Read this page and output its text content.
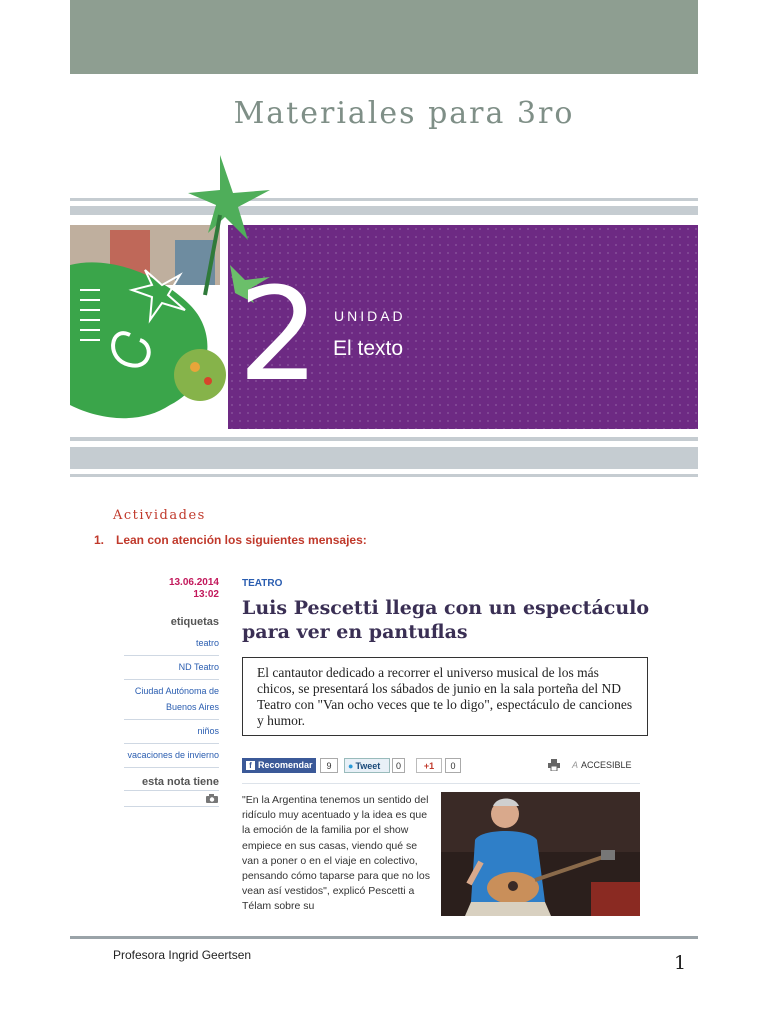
Materiales para 3ro
2 UNIDAD
El texto
Actividades
1. Lean con atención los siguientes mensajes:
13.06.2014
13:02
etiquetas
teatro
ND Teatro
Ciudad Autónoma de Buenos Aires
niños
vacaciones de invierno
esta nota tiene
TEATRO
Luis Pescetti llega con un espectáculo para ver en pantuflas
El cantautor dedicado a recorrer el universo musical de los más chicos, se presentará los sábados de junio en la sala porteña del ND Teatro con "Van ocho veces que te lo digo", espectáculo de canciones y humor.
f Recomendar	9	● Tweet	0	+1	0	A ACCESIBLE
"En la Argentina tenemos un sentido del ridículo muy acentuado y la idea es que la emoción de la familia por el show empiece en sus casas, viendo qué se van a poner o en el viaje en colectivo, pensando cómo taparse para que no los vean así vestidos", explicó Pescetti a Télam sobre su
Profesora Ingrid Geertsen	1
